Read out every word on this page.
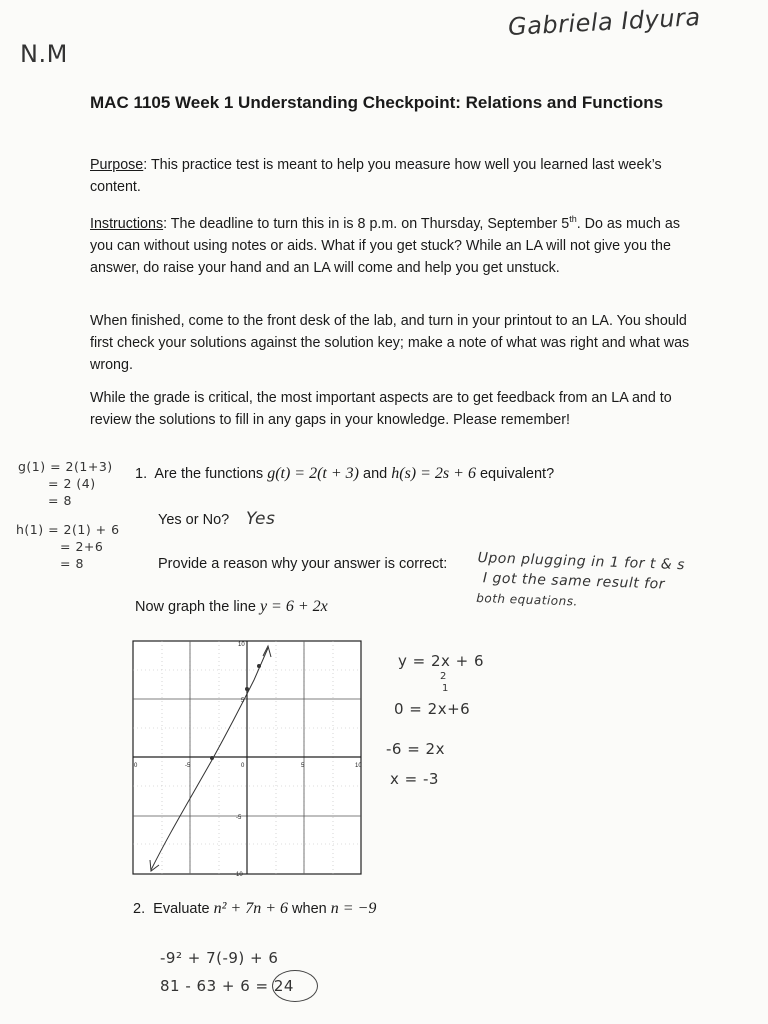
Gabriela Idyura
N.M
MAC 1105 Week 1 Understanding Checkpoint: Relations and Functions
Purpose: This practice test is meant to help you measure how well you learned last week’s content.
Instructions: The deadline to turn this in is 8 p.m. on Thursday, September 5th. Do as much as you can without using notes or aids. What if you get stuck? While an LA will not give you the answer, do raise your hand and an LA will come and help you get unstuck.
When finished, come to the front desk of the lab, and turn in your printout to an LA. You should first check your solutions against the solution key; make a note of what was right and what was wrong.
While the grade is critical, the most important aspects are to get feedback from an LA and to review the solutions to fill in any gaps in your knowledge. Please remember!
g(1) = 2(1+3)
= 2 (4)
= 8
h(1) = 2(1) + 6
= 2+6
= 8
1. Are the functions g(t) = 2(t + 3) and h(s) = 2s + 6 equivalent?
Yes or No? Yes
Provide a reason why your answer is correct: Upon plugging in 1 for t & s
I got the same result for
both equations.
Now graph the line y = 6 + 2x
0	-5	0	5	10
10
5
-5
-10
y = 2x + 6
2
1
0 = 2x+6
-6 = 2x
x = -3
2. Evaluate n² + 7n + 6 when n = −9
-9² + 7(-9) + 6
81 - 63 + 6 = 24
